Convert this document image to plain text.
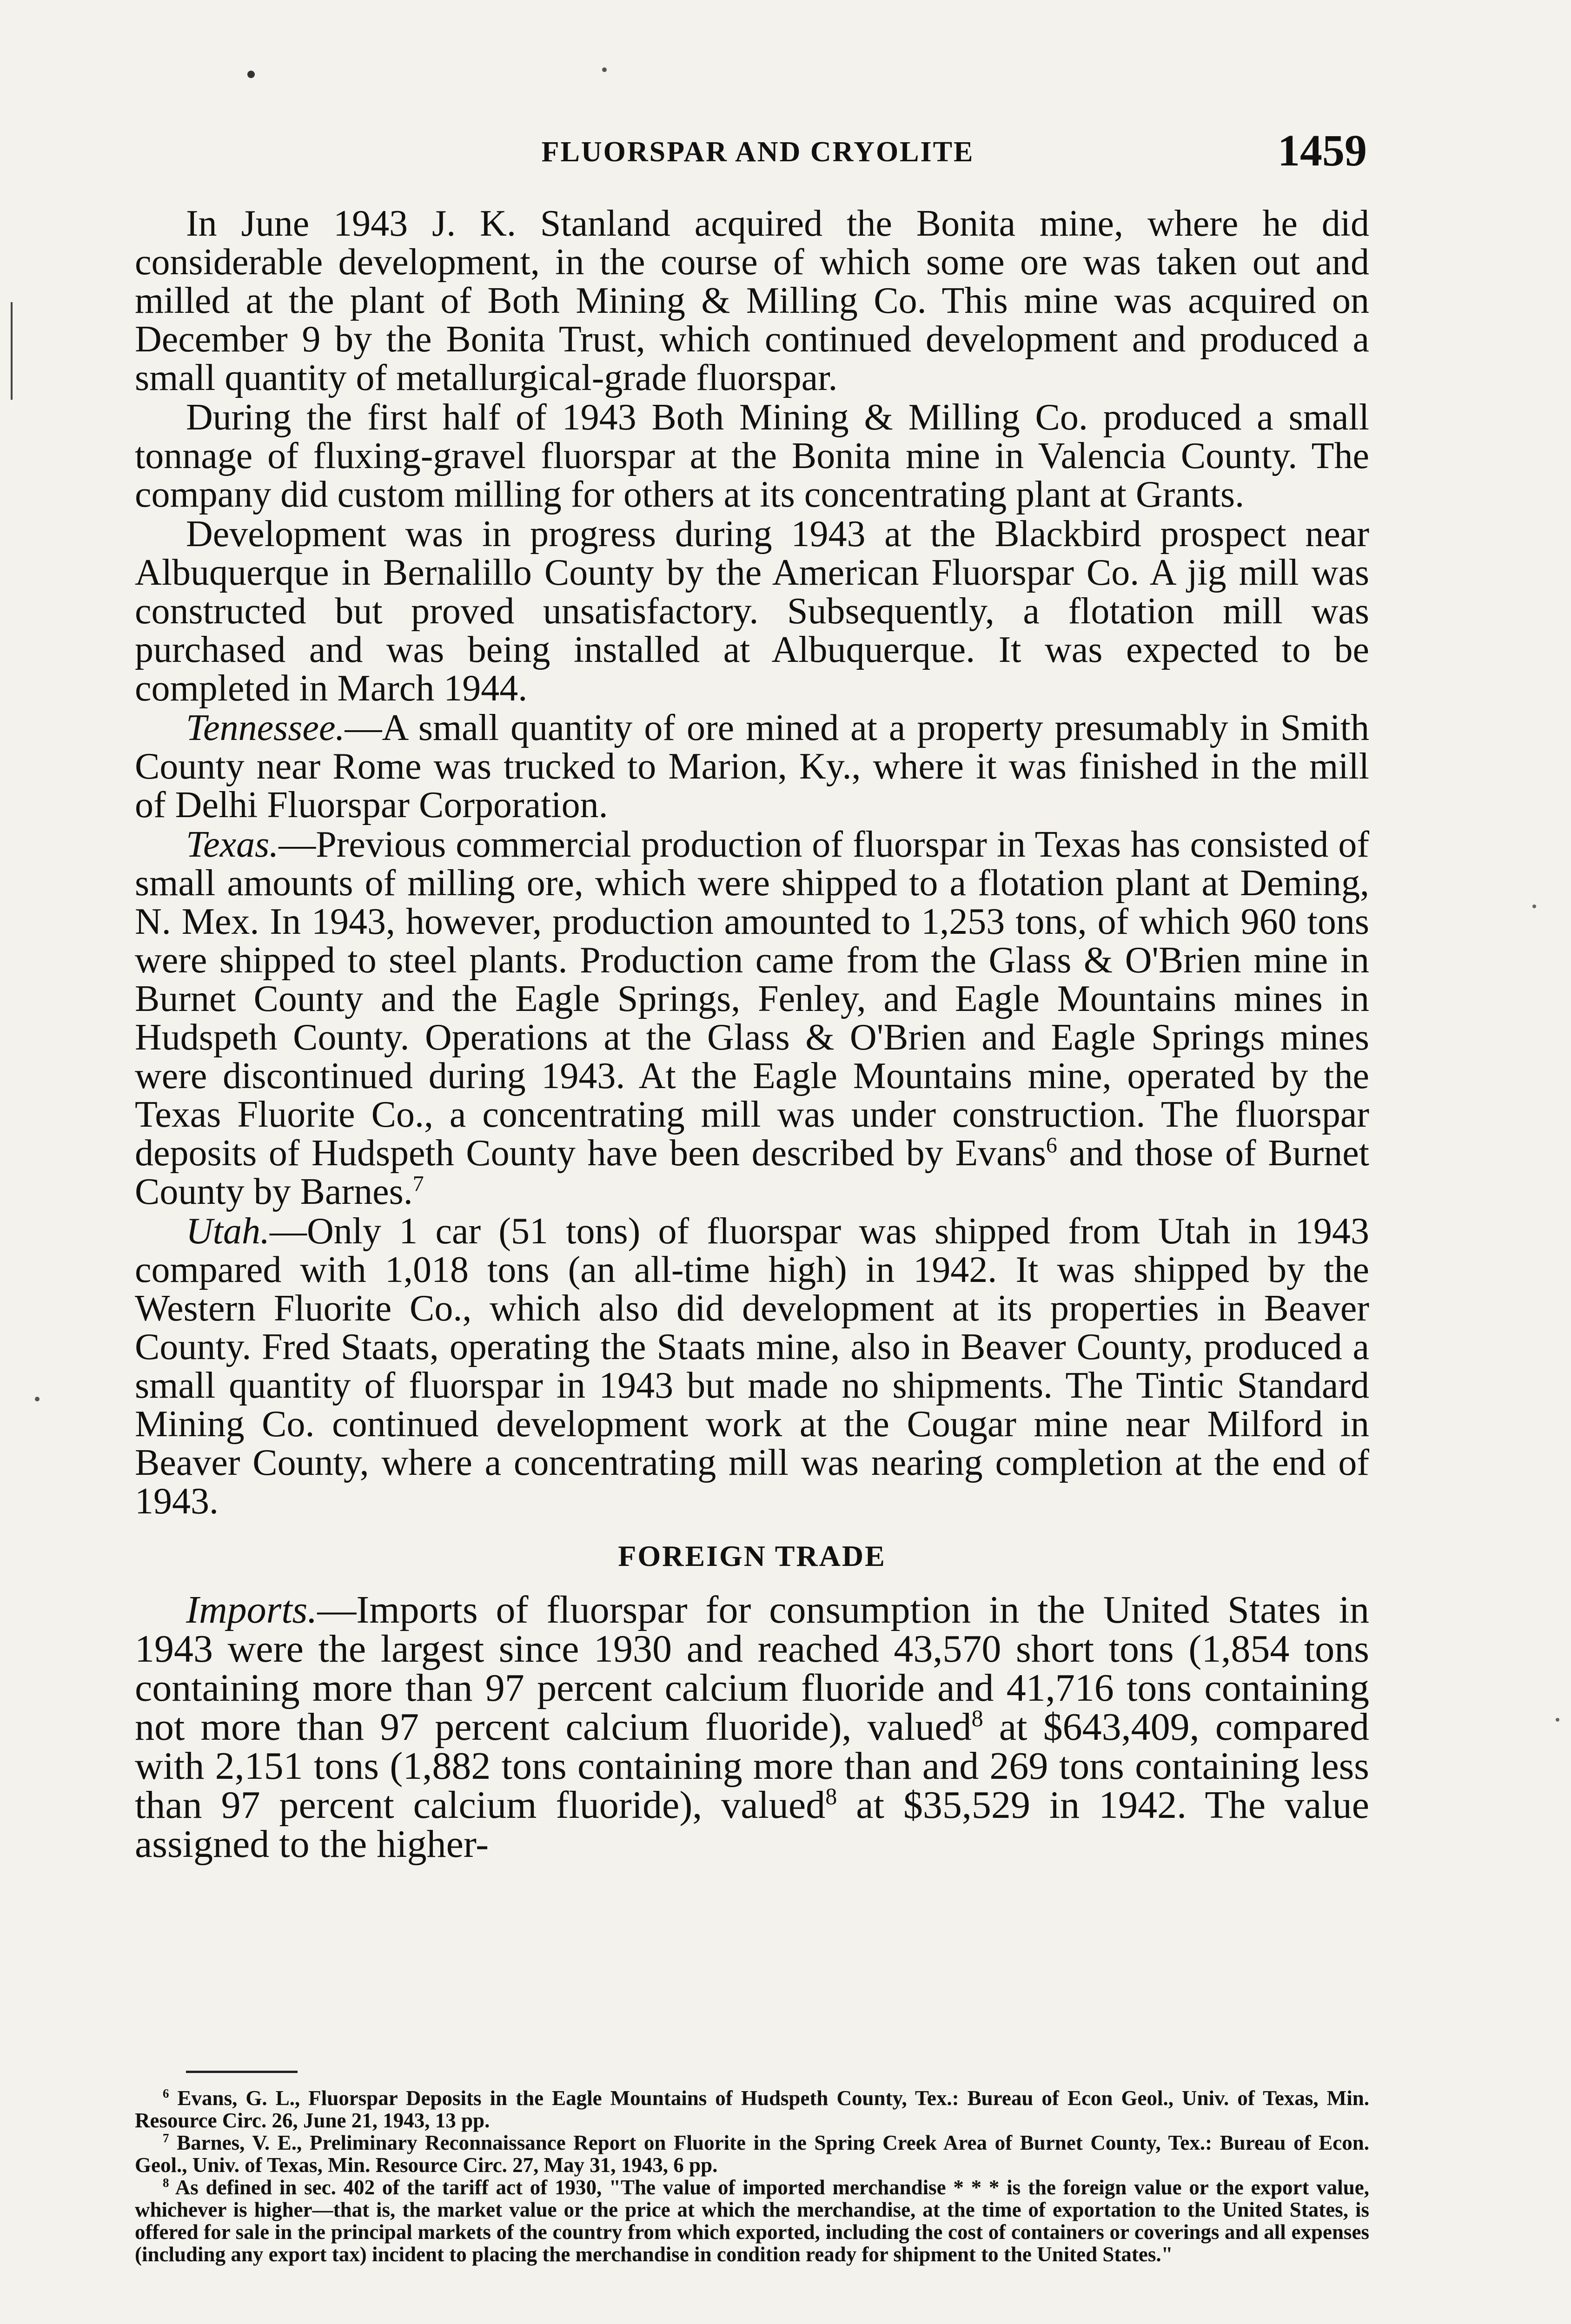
FLUORSPAR AND CRYOLITE	1459

In June 1943 J. K. Stanland acquired the Bonita mine, where he did considerable development, in the course of which some ore was taken out and milled at the plant of Both Mining & Milling Co. This mine was acquired on December 9 by the Bonita Trust, which continued development and produced a small quantity of metallurgical-grade fluorspar.

During the first half of 1943 Both Mining & Milling Co. produced a small tonnage of fluxing-gravel fluorspar at the Bonita mine in Valencia County. The company did custom milling for others at its concentrating plant at Grants.

Development was in progress during 1943 at the Blackbird prospect near Albuquerque in Bernalillo County by the American Fluorspar Co. A jig mill was constructed but proved unsatisfactory. Subsequently, a flotation mill was purchased and was being installed at Albuquerque. It was expected to be completed in March 1944.

Tennessee.—A small quantity of ore mined at a property presumably in Smith County near Rome was trucked to Marion, Ky., where it was finished in the mill of Delhi Fluorspar Corporation.

Texas.—Previous commercial production of fluorspar in Texas has consisted of small amounts of milling ore, which were shipped to a flotation plant at Deming, N. Mex. In 1943, however, production amounted to 1,253 tons, of which 960 tons were shipped to steel plants. Production came from the Glass & O'Brien mine in Burnet County and the Eagle Springs, Fenley, and Eagle Mountains mines in Hudspeth County. Operations at the Glass & O'Brien and Eagle Springs mines were discontinued during 1943. At the Eagle Mountains mine, operated by the Texas Fluorite Co., a concentrating mill was under construction. The fluorspar deposits of Hudspeth County have been described by Evans$^6$ and those of Burnet County by Barnes.$^7$

Utah.—Only 1 car (51 tons) of fluorspar was shipped from Utah in 1943 compared with 1,018 tons (an all-time high) in 1942. It was shipped by the Western Fluorite Co., which also did development at its properties in Beaver County. Fred Staats, operating the Staats mine, also in Beaver County, produced a small quantity of fluorspar in 1943 but made no shipments. The Tintic Standard Mining Co. continued development work at the Cougar mine near Milford in Beaver County, where a concentrating mill was nearing completion at the end of 1943.

FOREIGN TRADE

Imports.—Imports of fluorspar for consumption in the United States in 1943 were the largest since 1930 and reached 43,570 short tons (1,854 tons containing more than 97 percent calcium fluoride and 41,716 tons containing not more than 97 percent calcium fluoride), valued$^8$ at $643,409, compared with 2,151 tons (1,882 tons containing more than and 269 tons containing less than 97 percent calcium fluoride), valued$^8$ at $35,529 in 1942. The value assigned to the higher-

$^6$ Evans, G. L., Fluorspar Deposits in the Eagle Mountains of Hudspeth County, Tex.: Bureau of Econ Geol., Univ. of Texas, Min. Resource Circ. 26, June 21, 1943, 13 pp.

$^7$ Barnes, V. E., Preliminary Reconnaissance Report on Fluorite in the Spring Creek Area of Burnet County, Tex.: Bureau of Econ. Geol., Univ. of Texas, Min. Resource Circ. 27, May 31, 1943, 6 pp.

$^8$ As defined in sec. 402 of the tariff act of 1930, "The value of imported merchandise * * * is the foreign value or the export value, whichever is higher—that is, the market value or the price at which the merchandise, at the time of exportation to the United States, is offered for sale in the principal markets of the country from which exported, including the cost of containers or coverings and all expenses (including any export tax) incident to placing the merchandise in condition ready for shipment to the United States."
